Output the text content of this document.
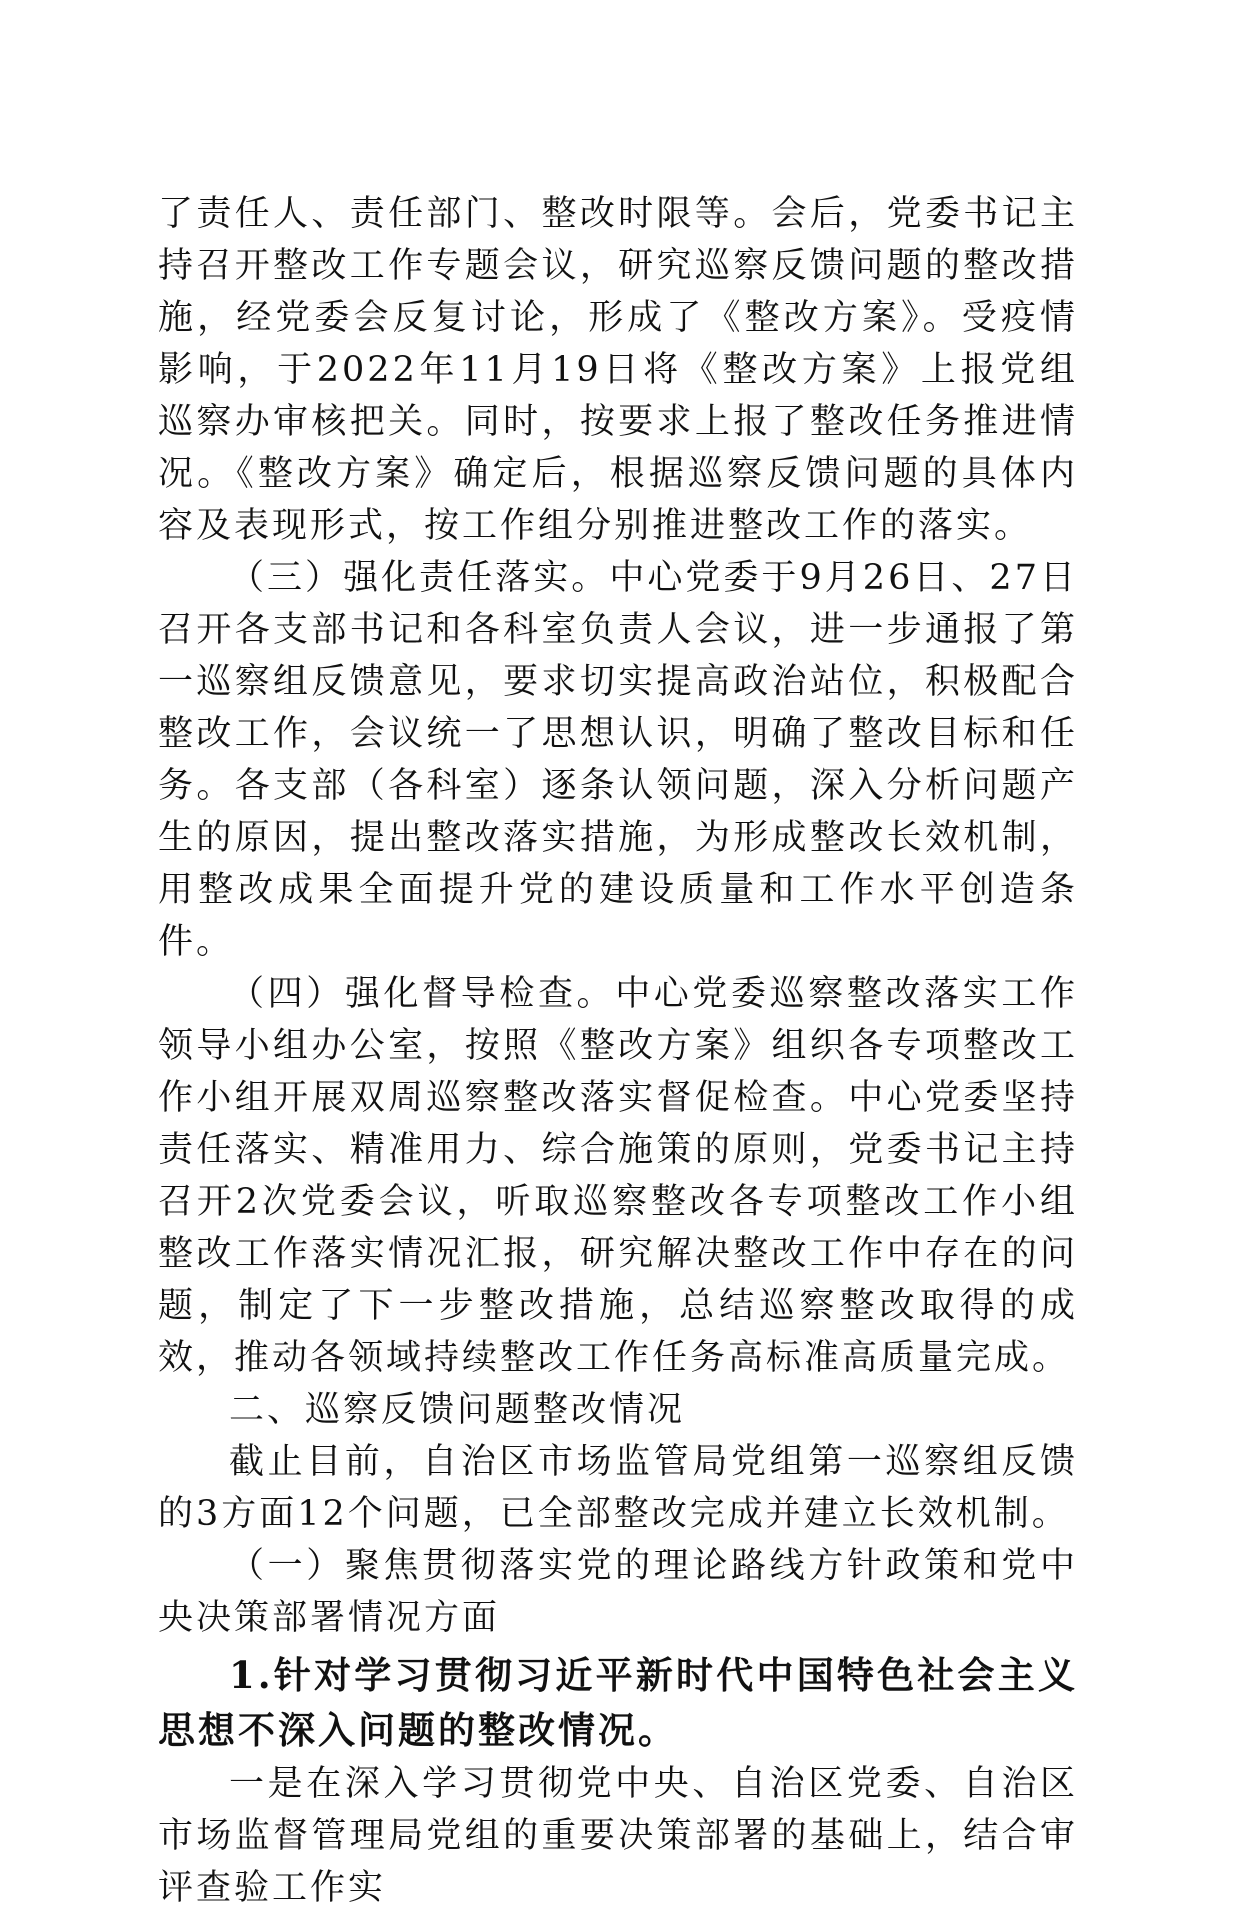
了责任人、责任部门、整改时限等。会后，党委书记主持召开整改工作专题会议，研究巡察反馈问题的整改措施，经党委会反复讨论，形成了《整改方案》。受疫情影响，于2022年11月19日将《整改方案》上报党组巡察办审核把关。同时，按要求上报了整改任务推进情况。《整改方案》确定后，根据巡察反馈问题的具体内容及表现形式，按工作组分别推进整改工作的落实。

（三）强化责任落实。中心党委于9月26日、27日召开各支部书记和各科室负责人会议，进一步通报了第一巡察组反馈意见，要求切实提高政治站位，积极配合整改工作，会议统一了思想认识，明确了整改目标和任务。各支部（各科室）逐条认领问题，深入分析问题产生的原因，提出整改落实措施，为形成整改长效机制，用整改成果全面提升党的建设质量和工作水平创造条件。

（四）强化督导检查。中心党委巡察整改落实工作领导小组办公室，按照《整改方案》组织各专项整改工作小组开展双周巡察整改落实督促检查。中心党委坚持责任落实、精准用力、综合施策的原则，党委书记主持召开2次党委会议，听取巡察整改各专项整改工作小组整改工作落实情况汇报，研究解决整改工作中存在的问题，制定了下一步整改措施，总结巡察整改取得的成效，推动各领域持续整改工作任务高标准高质量完成。

二、巡察反馈问题整改情况

截止目前，自治区市场监管局党组第一巡察组反馈的3方面12个问题，已全部整改完成并建立长效机制。

（一）聚焦贯彻落实党的理论路线方针政策和党中央决策部署情况方面

1.针对学习贯彻习近平新时代中国特色社会主义思想不深入问题的整改情况。

一是在深入学习贯彻党中央、自治区党委、自治区市场监督管理局党组的重要决策部署的基础上，结合审评查验工作实
